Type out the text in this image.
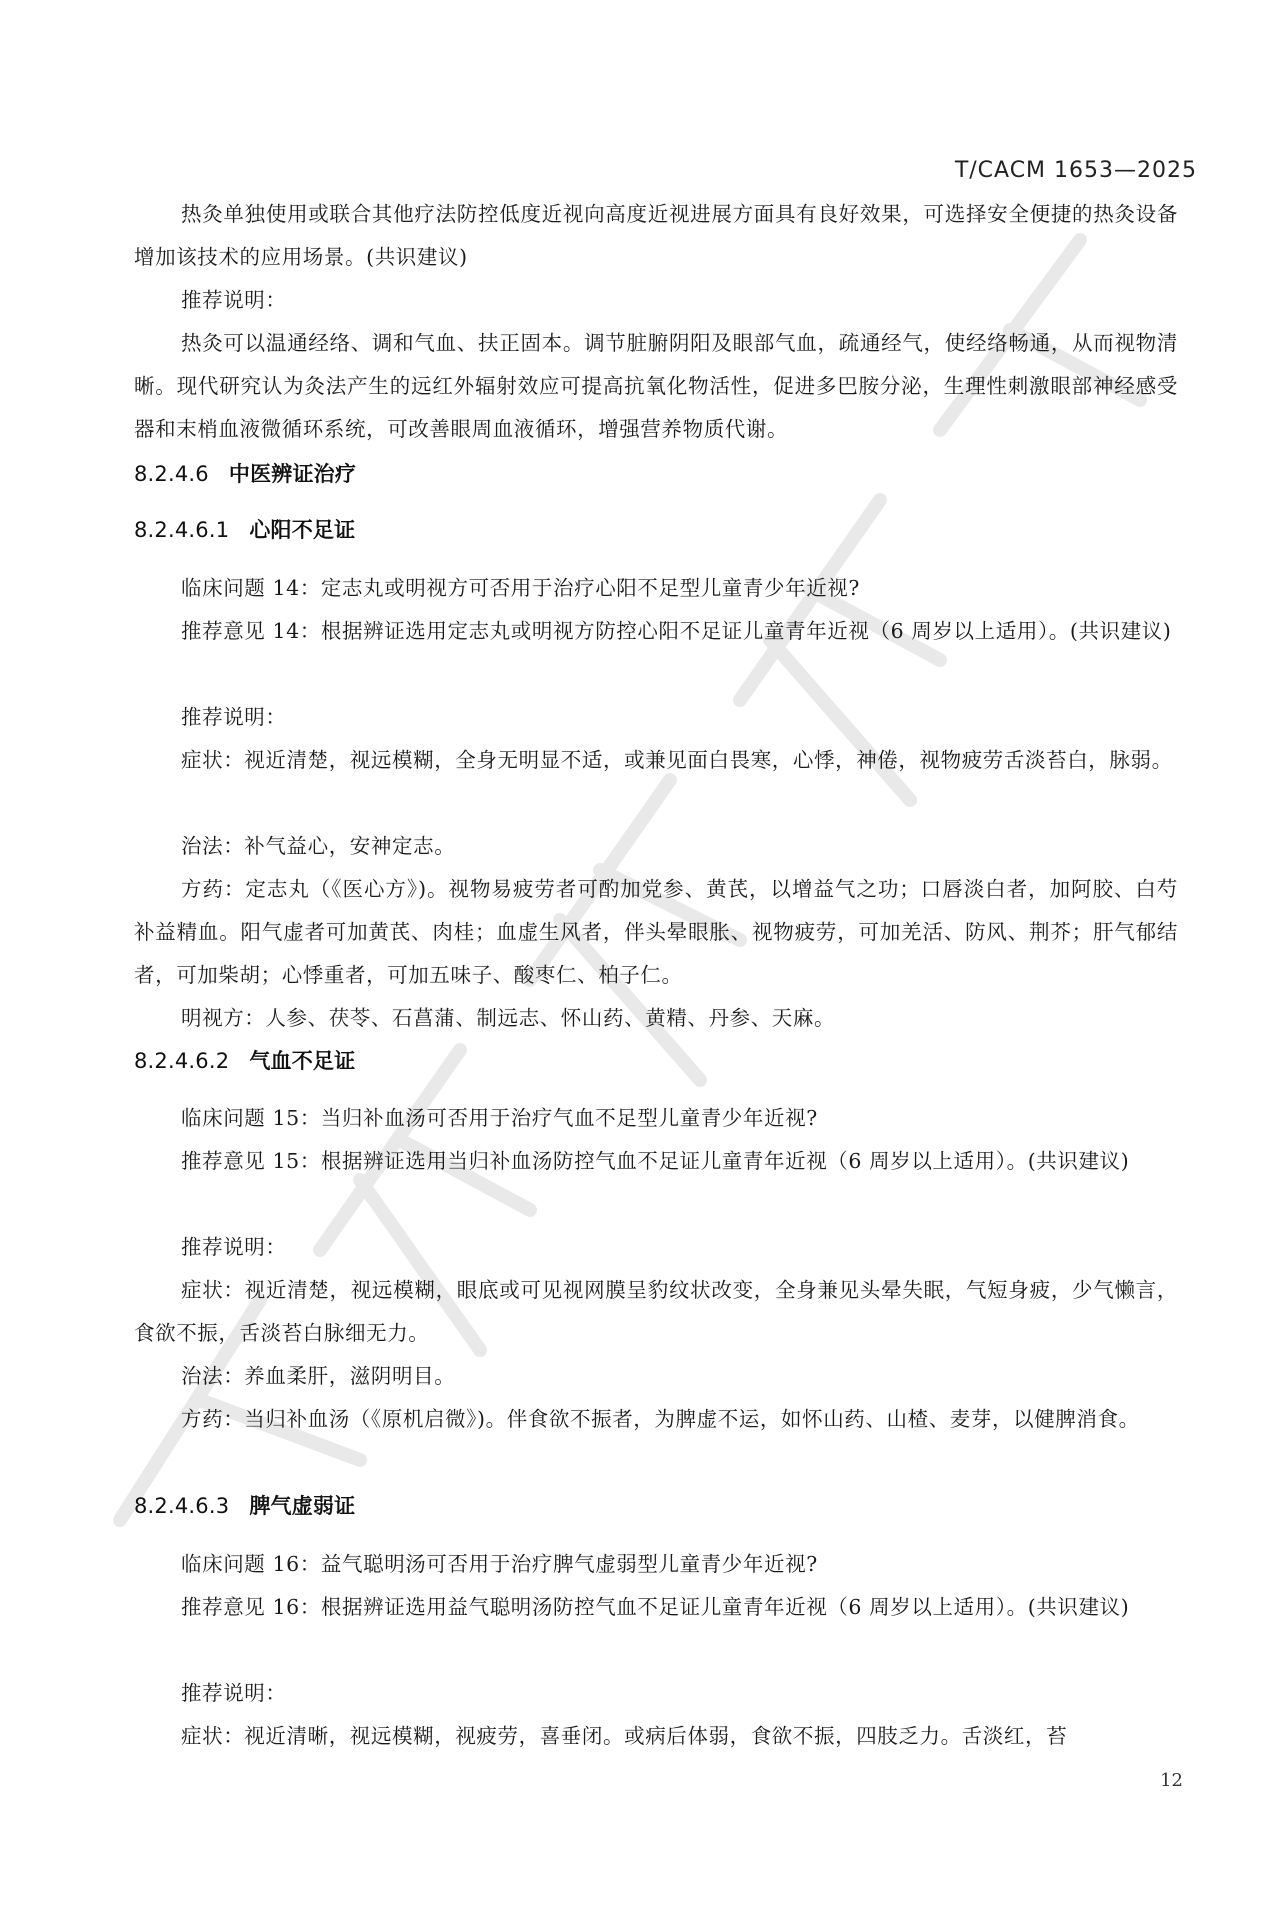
T/CACM 1653—2025

热灸单独使用或联合其他疗法防控低度近视向高度近视进展方面具有良好效果，可选择安全便捷的热灸设备增加该技术的应用场景。(共识建议)

推荐说明：

热灸可以温通经络、调和气血、扶正固本。调节脏腑阴阳及眼部气血，疏通经气，使经络畅通，从而视物清晰。现代研究认为灸法产生的远红外辐射效应可提高抗氧化物活性，促进多巴胺分泌，生理性刺激眼部神经感受器和末梢血液微循环系统，可改善眼周血液循环，增强营养物质代谢。

8.2.4.6 中医辨证治疗
8.2.4.6.1 心阳不足证

临床问题 14：定志丸或明视方可否用于治疗心阳不足型儿童青少年近视?

推荐意见 14：根据辨证选用定志丸或明视方防控心阳不足证儿童青年近视（6 周岁以上适用）。(共识建议)

推荐说明：

症状：视近清楚，视远模糊，全身无明显不适，或兼见面白畏寒，心悸，神倦，视物疲劳舌淡苔白，脉弱。

治法：补气益心，安神定志。

方药：定志丸（《医心方》)。视物易疲劳者可酌加党参、黄芪，以增益气之功；口唇淡白者，加阿胶、白芍补益精血。阳气虚者可加黄芪、肉桂；血虚生风者，伴头晕眼胀、视物疲劳，可加羌活、防风、荆芥；肝气郁结者，可加柴胡；心悸重者，可加五味子、酸枣仁、柏子仁。

明视方：人参、茯苓、石菖蒲、制远志、怀山药、黄精、丹参、天麻。

8.2.4.6.2 气血不足证

临床问题 15：当归补血汤可否用于治疗气血不足型儿童青少年近视?

推荐意见 15：根据辨证选用当归补血汤防控气血不足证儿童青年近视（6 周岁以上适用）。(共识建议)

推荐说明：

症状：视近清楚，视远模糊，眼底或可见视网膜呈豹纹状改变，全身兼见头晕失眠，气短身疲，少气懒言，食欲不振，舌淡苔白脉细无力。

治法：养血柔肝，滋阴明目。

方药：当归补血汤（《原机启微》)。伴食欲不振者，为脾虚不运，如怀山药、山楂、麦芽，以健脾消食。

8.2.4.6.3 脾气虚弱证

临床问题 16：益气聪明汤可否用于治疗脾气虚弱型儿童青少年近视?

推荐意见 16：根据辨证选用益气聪明汤防控气血不足证儿童青年近视（6 周岁以上适用）。(共识建议)

推荐说明：

症状：视近清晰，视远模糊，视疲劳，喜垂闭。或病后体弱，食欲不振，四肢乏力。舌淡红，苔

12
